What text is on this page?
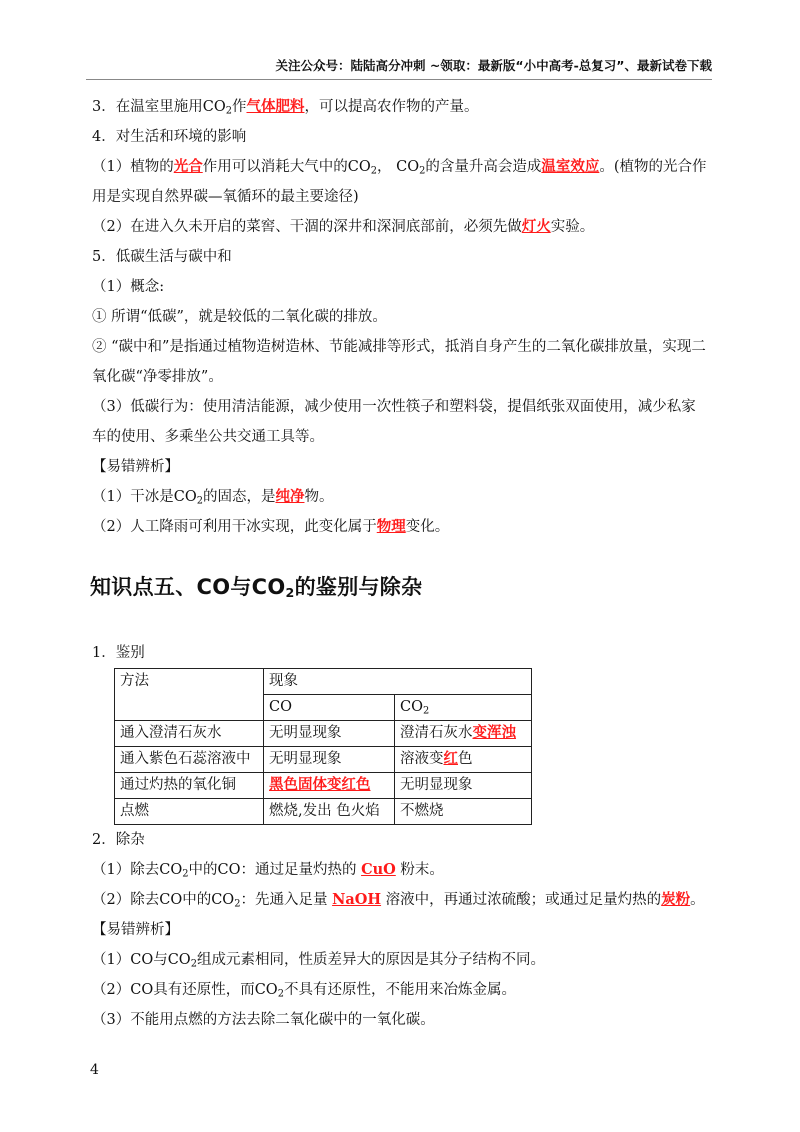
关注公众号：陆陆高分冲刺 ~领取：最新版“小中高考-总复习”、最新试卷下载

3．在温室里施用$CO_2$作气体肥料，可以提高农作物的产量。

4．对生活和环境的影响

（1）植物的光合作用可以消耗大气中的$CO_2$， $CO_2$的含量升高会造成温室效应。(植物的光合作用是实现自然界碳—氧循环的最主要途径)

（2）在进入久未开启的菜窖、干涸的深井和深洞底部前，必须先做灯火实验。

5．低碳生活与碳中和

（1）概念:

① 所谓“低碳”，就是较低的二氧化碳的排放。

② “碳中和”是指通过植物造树造林、节能减排等形式，抵消自身产生的二氧化碳排放量，实现二氧化碳“净零排放”。

（3）低碳行为：使用清洁能源，减少使用一次性筷子和塑料袋，提倡纸张双面使用，减少私家车的使用、多乘坐公共交通工具等。

【易错辨析】

（1）干冰是$CO_2$的固态，是纯净物。

（2）人工降雨可利用干冰实现，此变化属于物理变化。

知识点五、CO与$CO_2$的鉴别与除杂

1．鉴别

方法	现象	
	CO	$CO_2$
通入澄清石灰水	无明显现象	澄清石灰水变浑浊
通入紫色石蕊溶液中	无明显现象	溶液变红色
通过灼热的氧化铜	黑色固体变红色	无明显现象
点燃	燃烧,发出 色火焰	不燃烧

2．除杂

（1）除去$CO_2$中的CO：通过足量灼热的 CuO 粉末。

（2）除去CO中的$CO_2$：先通入足量 NaOH 溶液中，再通过浓硫酸；或通过足量灼热的炭粉。

【易错辨析】

（1）CO与$CO_2$组成元素相同，性质差异大的原因是其分子结构不同。

（2）CO具有还原性，而$CO_2$不具有还原性，不能用来冶炼金属。

（3）不能用点燃的方法去除二氧化碳中的一氧化碳。

4
